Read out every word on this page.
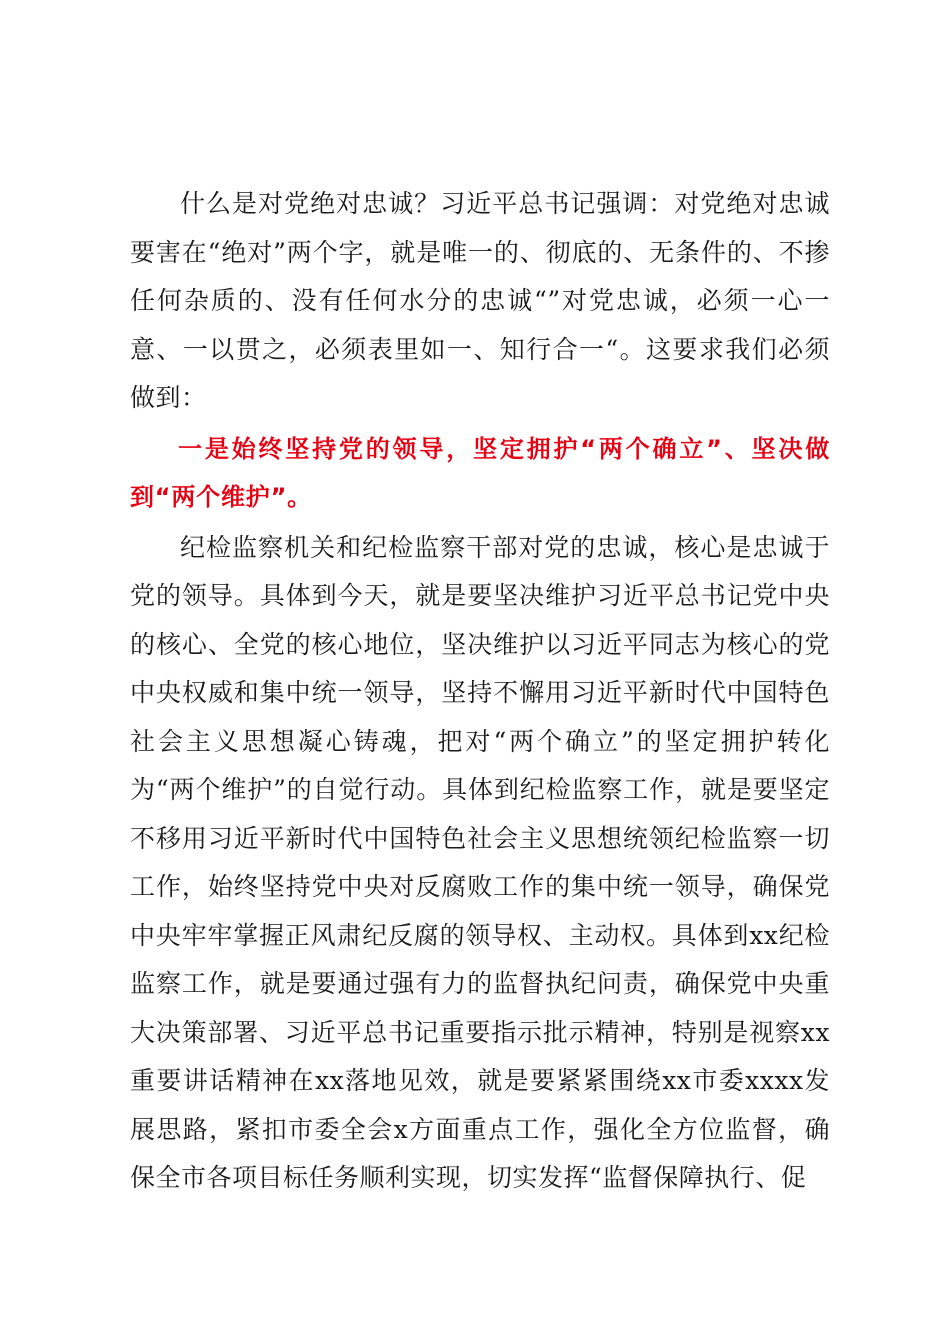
什么是对党绝对忠诚？习近平总书记强调：对党绝对忠诚要害在“绝对”两个字，就是唯一的、彻底的、无条件的、不掺任何杂质的、没有任何水分的忠诚“”对党忠诚，必须一心一意、一以贯之，必须表里如一、知行合一“。这要求我们必须做到：

一是始终坚持党的领导，坚定拥护“两个确立”、坚决做到“两个维护”。

纪检监察机关和纪检监察干部对党的忠诚，核心是忠诚于党的领导。具体到今天，就是要坚决维护习近平总书记党中央的核心、全党的核心地位，坚决维护以习近平同志为核心的党中央权威和集中统一领导，坚持不懈用习近平新时代中国特色社会主义思想凝心铸魂，把对“两个确立”的坚定拥护转化为“两个维护”的自觉行动。具体到纪检监察工作，就是要坚定不移用习近平新时代中国特色社会主义思想统领纪检监察一切工作，始终坚持党中央对反腐败工作的集中统一领导，确保党中央牢牢掌握正风肃纪反腐的领导权、主动权。具体到xx纪检监察工作，就是要通过强有力的监督执纪问责，确保党中央重大决策部署、习近平总书记重要指示批示精神，特别是视察xx重要讲话精神在xx落地见效，就是要紧紧围绕xx市委xxxx发展思路，紧扣市委全会x方面重点工作，强化全方位监督，确保全市各项目标任务顺利实现，切实发挥“监督保障执行、促
